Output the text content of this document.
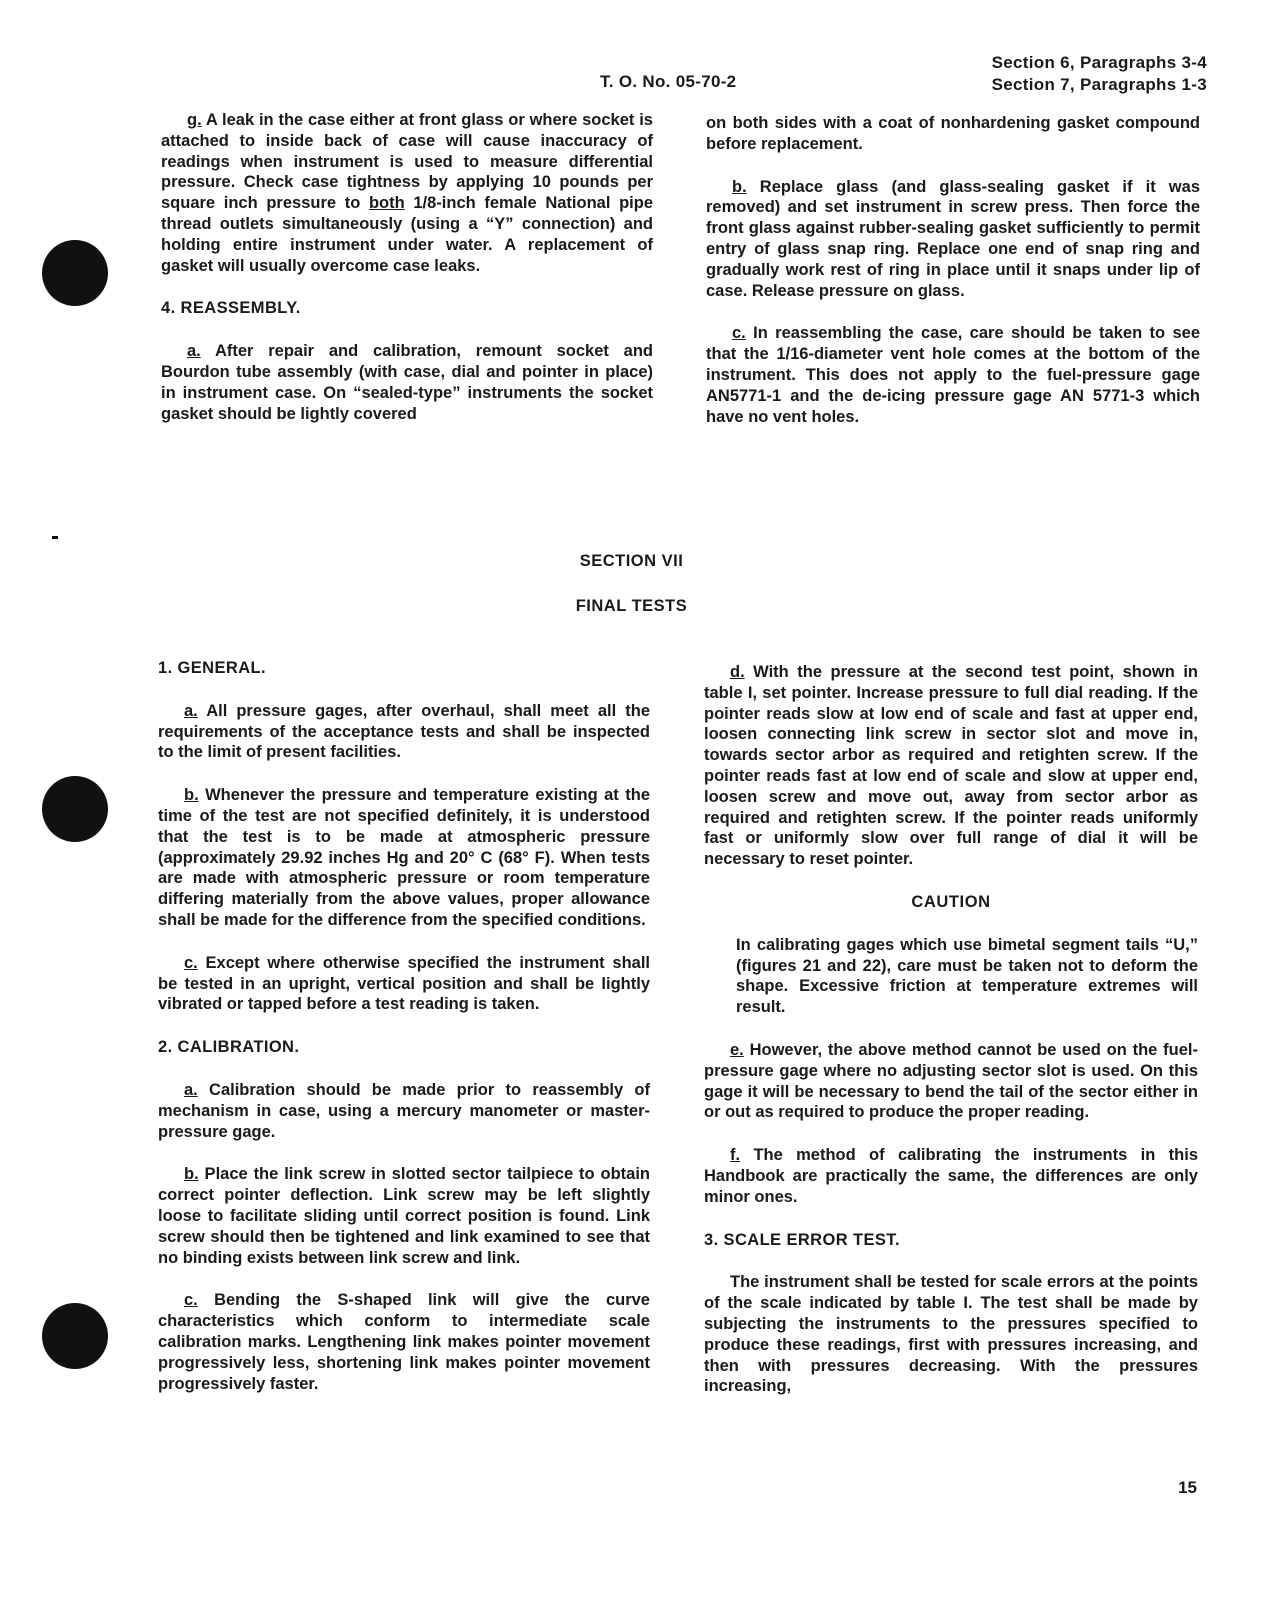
Section 6, Paragraphs 3-4
Section 7, Paragraphs 1-3
T. O. No. 05-70-2

g. A leak in the case either at front glass or where socket is attached to inside back of case will cause inaccuracy of readings when instrument is used to measure differential pressure. Check case tightness by applying 10 pounds per square inch pressure to both 1/8-inch female National pipe thread outlets simultaneously (using a “Y” connection) and holding entire instrument under water. A replacement of gasket will usually overcome case leaks.

4. REASSEMBLY.

a. After repair and calibration, remount socket and Bourdon tube assembly (with case, dial and pointer in place) in instrument case. On “sealed-type” instruments the socket gasket should be lightly covered

on both sides with a coat of nonhardening gasket compound before replacement.

b. Replace glass (and glass-sealing gasket if it was removed) and set instrument in screw press. Then force the front glass against rubber-sealing gasket sufficiently to permit entry of glass snap ring. Replace one end of snap ring and gradually work rest of ring in place until it snaps under lip of case. Release pressure on glass.

c. In reassembling the case, care should be taken to see that the 1/16-diameter vent hole comes at the bottom of the instrument. This does not apply to the fuel-pressure gage AN5771-1 and the de-icing pressure gage AN 5771-3 which have no vent holes.

SECTION VII
FINAL TESTS

1. GENERAL.

a. All pressure gages, after overhaul, shall meet all the requirements of the acceptance tests and shall be inspected to the limit of present facilities.

b. Whenever the pressure and temperature existing at the time of the test are not specified definitely, it is understood that the test is to be made at atmospheric pressure (approximately 29.92 inches Hg and 20° C (68° F). When tests are made with atmospheric pressure or room temperature differing materially from the above values, proper allowance shall be made for the difference from the specified conditions.

c. Except where otherwise specified the instrument shall be tested in an upright, vertical position and shall be lightly vibrated or tapped before a test reading is taken.

2. CALIBRATION.

a. Calibration should be made prior to reassembly of mechanism in case, using a mercury manometer or master-pressure gage.

b. Place the link screw in slotted sector tailpiece to obtain correct pointer deflection. Link screw may be left slightly loose to facilitate sliding until correct position is found. Link screw should then be tightened and link examined to see that no binding exists between link screw and link.

c. Bending the S-shaped link will give the curve characteristics which conform to intermediate scale calibration marks. Lengthening link makes pointer movement progressively less, shortening link makes pointer movement progressively faster.

d. With the pressure at the second test point, shown in table I, set pointer. Increase pressure to full dial reading. If the pointer reads slow at low end of scale and fast at upper end, loosen connecting link screw in sector slot and move in, towards sector arbor as required and retighten screw. If the pointer reads fast at low end of scale and slow at upper end, loosen screw and move out, away from sector arbor as required and retighten screw. If the pointer reads uniformly fast or uniformly slow over full range of dial it will be necessary to reset pointer.

CAUTION

In calibrating gages which use bimetal segment tails “U,” (figures 21 and 22), care must be taken not to deform the shape. Excessive friction at temperature extremes will result.

e. However, the above method cannot be used on the fuel-pressure gage where no adjusting sector slot is used. On this gage it will be necessary to bend the tail of the sector either in or out as required to produce the proper reading.

f. The method of calibrating the instruments in this Handbook are practically the same, the differences are only minor ones.

3. SCALE ERROR TEST.

The instrument shall be tested for scale errors at the points of the scale indicated by table I. The test shall be made by subjecting the instruments to the pressures specified to produce these readings, first with pressures increasing, and then with pressures decreasing. With the pressures increasing,

15
